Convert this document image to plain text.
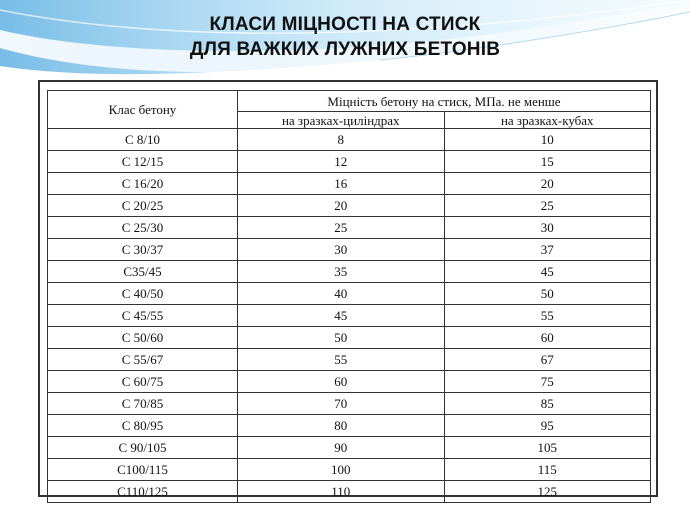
КЛАСИ МІЦНОСТІ НА СТИСК
ДЛЯ ВАЖКИХ ЛУЖНИХ БЕТОНІВ
Клас бетону	Міцність бетону на стиск, МПа. не менше	
	на зразках-циліндрах	на зразках-кубах
С 8/10	8	10
С 12/15	12	15
С 16/20	16	20
С 20/25	20	25
С 25/30	25	30
С 30/37	30	37
С35/45	35	45
С 40/50	40	50
С 45/55	45	55
С 50/60	50	60
С 55/67	55	67
С 60/75	60	75
С 70/85	70	85
С 80/95	80	95
С 90/105	90	105
С100/115	100	115
С110/125	110	125
